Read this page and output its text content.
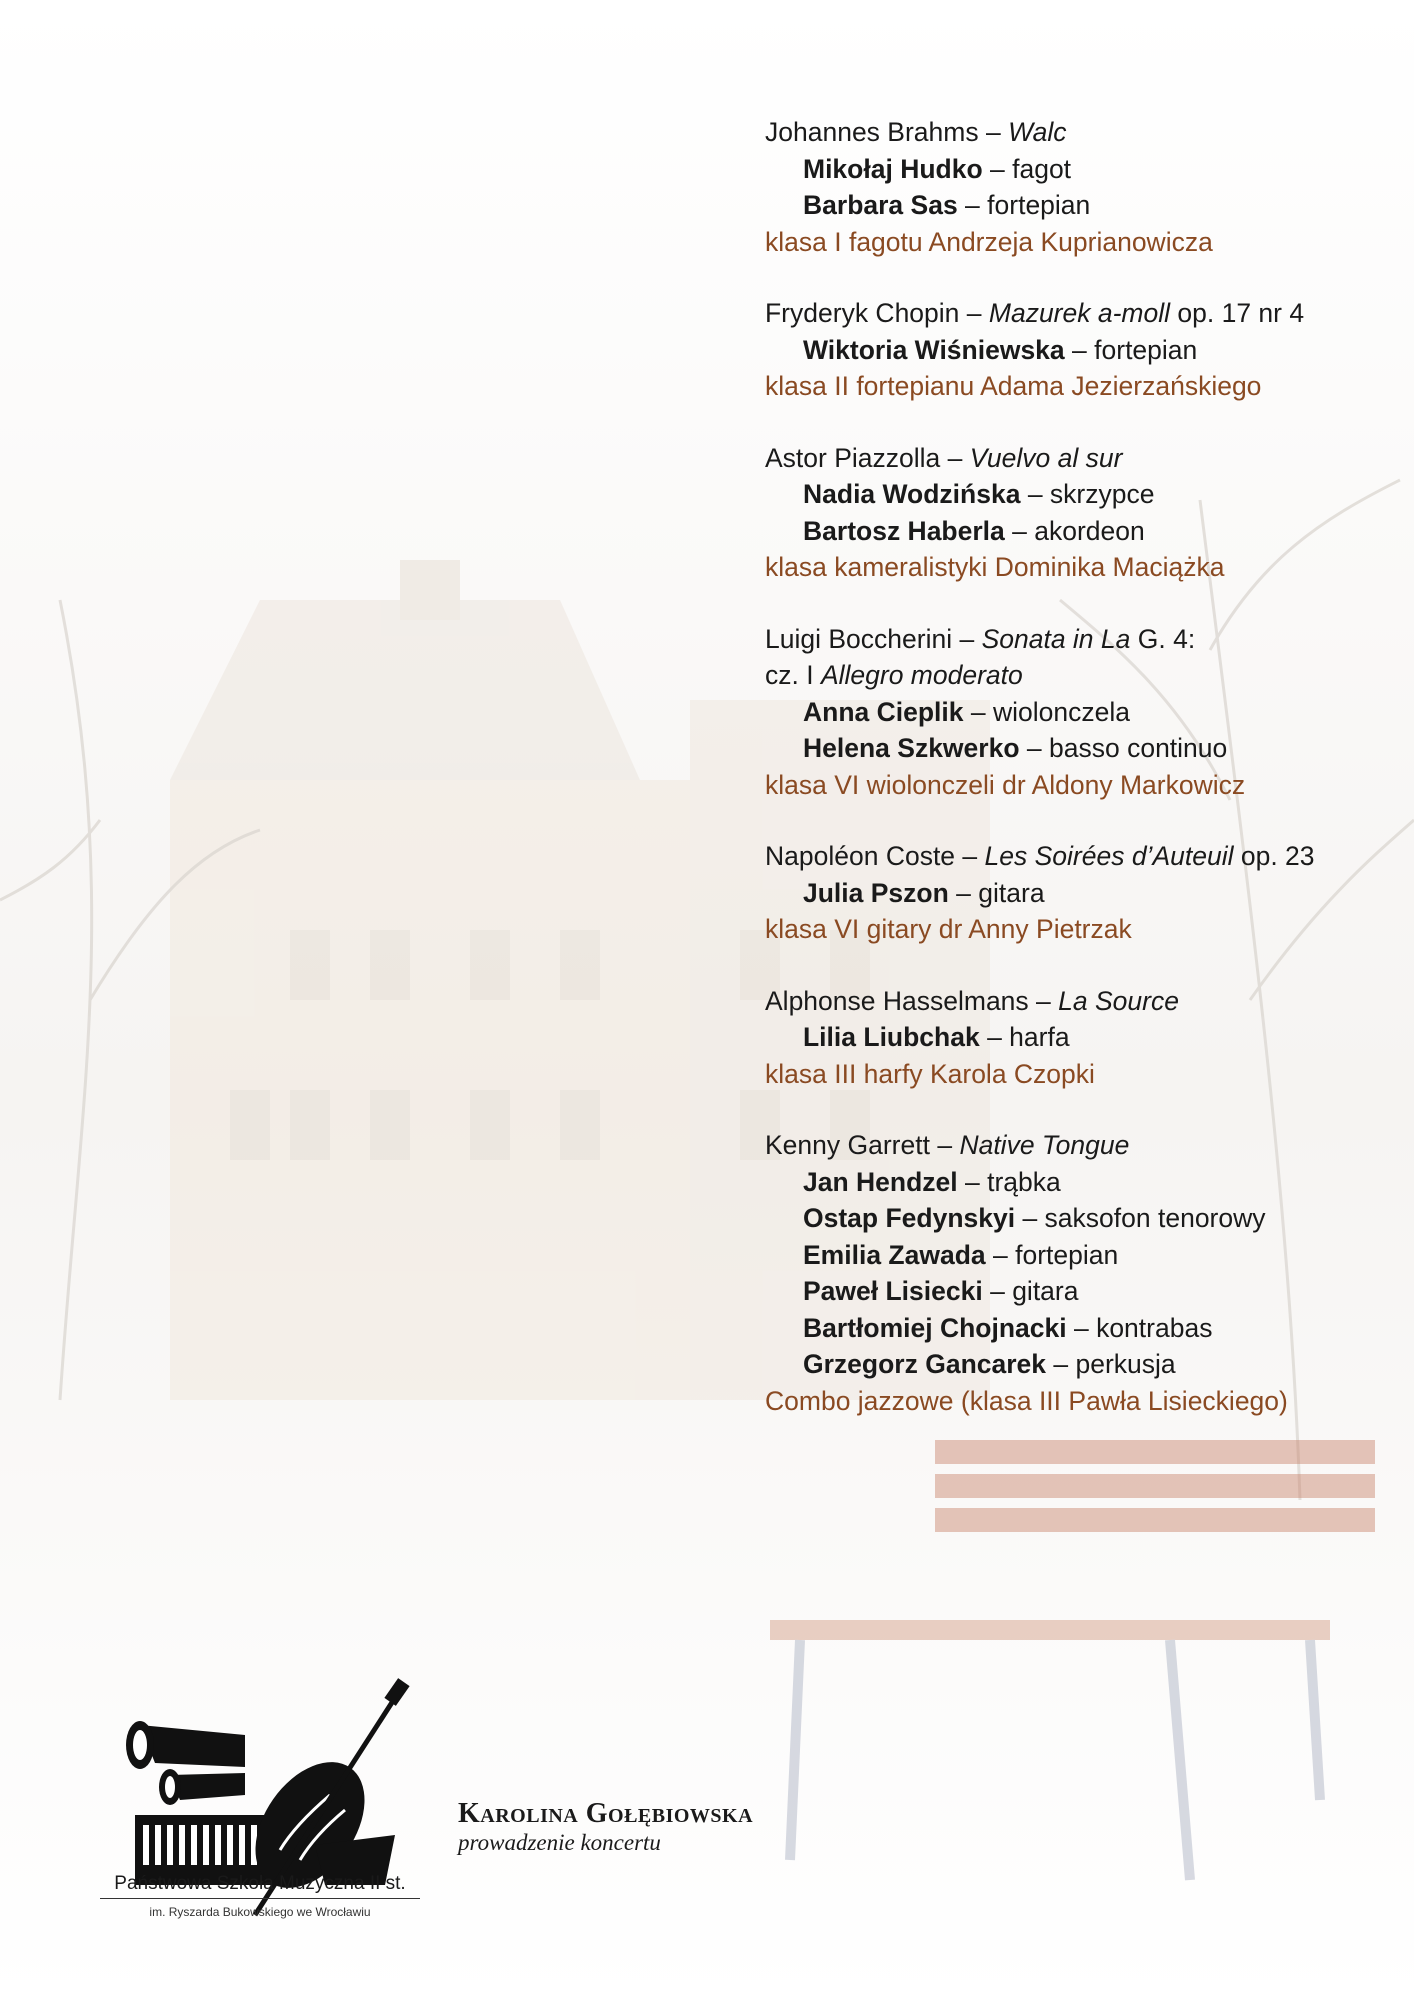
Johannes Brahms – Walc
Mikołaj Hudko – fagot
Barbara Sas – fortepian
klasa I fagotu Andrzeja Kuprianowicza
Fryderyk Chopin – Mazurek a-moll op. 17 nr 4
Wiktoria Wiśniewska – fortepian
klasa II fortepianu Adama Jezierzańskiego
Astor Piazzolla – Vuelvo al sur
Nadia Wodzińska – skrzypce
Bartosz Haberla – akordeon
klasa kameralistyki Dominika Maciążka
Luigi Boccherini – Sonata in La G. 4:
cz. I Allegro moderato
Anna Cieplik – wiolonczela
Helena Szkwerko – basso continuo
klasa VI wiolonczeli dr Aldony Markowicz
Napoléon Coste – Les Soirées d’Auteuil op. 23
Julia Pszon – gitara
klasa VI gitary dr Anny Pietrzak
Alphonse Hasselmans – La Source
Lilia Liubchak – harfa
klasa III harfy Karola Czopki
Kenny Garrett – Native Tongue
Jan Hendzel – trąbka
Ostap Fedynskyi – saksofon tenorowy
Emilia Zawada – fortepian
Paweł Lisiecki – gitara
Bartłomiej Chojnacki – kontrabas
Grzegorz Gancarek – perkusja
Combo jazzowe (klasa III Pawła Lisieckiego)
Państwowa Szkoła Muzyczna II st.
im. Ryszarda Bukowskiego we Wrocławiu
Karolina Gołębiowska
prowadzenie koncertu
